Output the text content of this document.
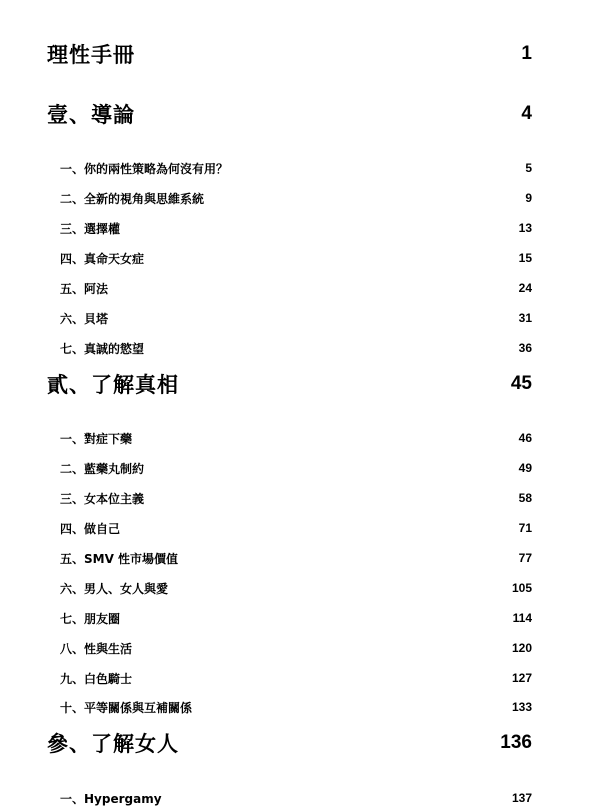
理性手冊	1
壹、導論	4
一、你的兩性策略為何沒有用？	5
二、全新的視角與思維系統	9
三、選擇權	13
四、真命天女症	15
五、阿法	24
六、貝塔	31
七、真誠的慾望	36
貳、了解真相	45
一、對症下藥	46
二、藍藥丸制約	49
三、女本位主義	58
四、做自己	71
五、SMV 性市場價值	77
六、男人、女人與愛	105
七、朋友圈	114
八、性與生活	120
九、白色騎士	127
十、平等關係與互補關係	133
參、了解女人	136
一、Hypergamy	137
